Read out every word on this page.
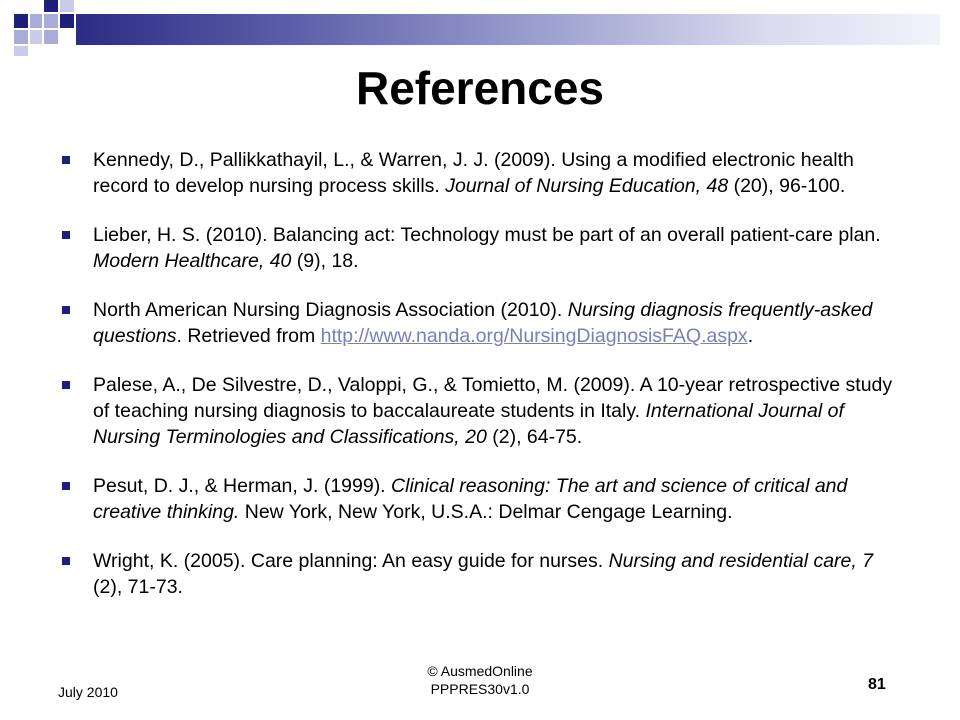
References
Kennedy, D., Pallikkathayil, L., & Warren, J. J. (2009). Using a modified electronic health record to develop nursing process skills. Journal of Nursing Education, 48 (20), 96-100.
Lieber, H. S. (2010). Balancing act: Technology must be part of an overall patient-care plan. Modern Healthcare, 40 (9), 18.
North American Nursing Diagnosis Association (2010). Nursing diagnosis frequently-asked questions. Retrieved from http://www.nanda.org/NursingDiagnosisFAQ.aspx.
Palese, A., De Silvestre, D., Valoppi, G., & Tomietto, M. (2009). A 10-year retrospective study of teaching nursing diagnosis to baccalaureate students in Italy. International Journal of Nursing Terminologies and Classifications, 20 (2), 64-75.
Pesut, D. J., & Herman, J. (1999). Clinical reasoning: The art and science of critical and creative thinking. New York, New York, U.S.A.: Delmar Cengage Learning.
Wright, K. (2005). Care planning: An easy guide for nurses. Nursing and residential care, 7 (2), 71-73.
July 2010
© AusmedOnline
PPPRES30v1.0	81
